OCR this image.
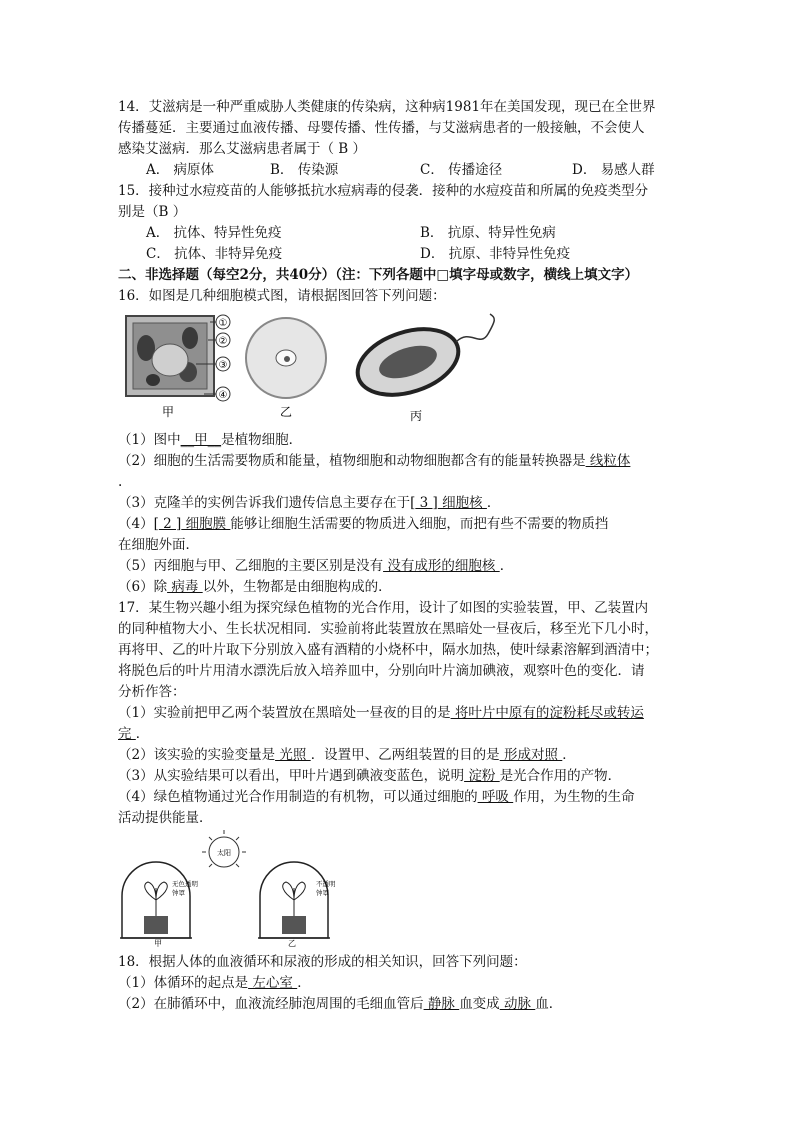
14．艾滋病是一种严重威胁人类健康的传染病，这种病1981年在美国发现，现已在全世界
传播蔓延．主要通过血液传播、母婴传播、性传播，与艾滋病患者的一般接触，不会使人
感染艾滋病．那么艾滋病患者属于（ B ）
A． 病原体	B． 传染源	C． 传播途径	D． 易感人群
15．接种过水痘疫苗的人能够抵抗水痘病毒的侵袭．接种的水痘疫苗和所属的免疫类型分
别是（B ）
A． 抗体、特异性免疫	B． 抗原、特异性免病
C． 抗体、非特异免疫	D． 抗原、非特异性免疫
二、非选择题（每空2分，共40分）（注：下列各题中□填字母或数字，横线上填文字）
16．如图是几种细胞模式图，请根据图回答下列问题：
①
②
③
④
甲	乙	丙
（1）图中__甲__是植物细胞．
（2）细胞的生活需要物质和能量，植物细胞和动物细胞都含有的能量转换器是 线粒体
.
（3）克隆羊的实例告诉我们遗传信息主要存在于[ 3 ] 细胞核 ．
（4）[ 2 ] 细胞膜 能够让细胞生活需要的物质进入细胞，而把有些不需要的物质挡
在细胞外面．
（5）丙细胞与甲、乙细胞的主要区别是没有 没有成形的细胞核 ．
（6）除 病毒 以外，生物都是由细胞构成的．
17．某生物兴趣小组为探究绿色植物的光合作用，设计了如图的实验装置，甲、乙装置内
的同种植物大小、生长状况相同．实验前将此装置放在黑暗处一昼夜后，移至光下几小时，
再将甲、乙的叶片取下分别放入盛有酒精的小烧杯中，隔水加热，使叶绿素溶解到酒清中；
将脱色后的叶片用清水漂洗后放入培养皿中，分别向叶片滴加碘液，观察叶色的变化．请
分析作答：
（1）实验前把甲乙两个装置放在黑暗处一昼夜的目的是 将叶片中原有的淀粉耗尽或转运
完 ．
（2）该实验的实验变量是 光照 ．设置甲、乙两组装置的目的是 形成对照 ．
（3）从实验结果可以看出，甲叶片遇到碘液变蓝色，说明 淀粉 是光合作用的产物．
（4）绿色植物通过光合作用制造的有机物，可以通过细胞的 呼吸 作用，为生物的生命
活动提供能量．
太阳
甲	乙
无色透明钟罩
不透明钟罩
18．根据人体的血液循环和尿液的形成的相关知识，回答下列问题：
（1）体循环的起点是 左心室 ．
（2）在肺循环中，血液流经肺泡周围的毛细血管后 静脉 血变成 动脉 血．
